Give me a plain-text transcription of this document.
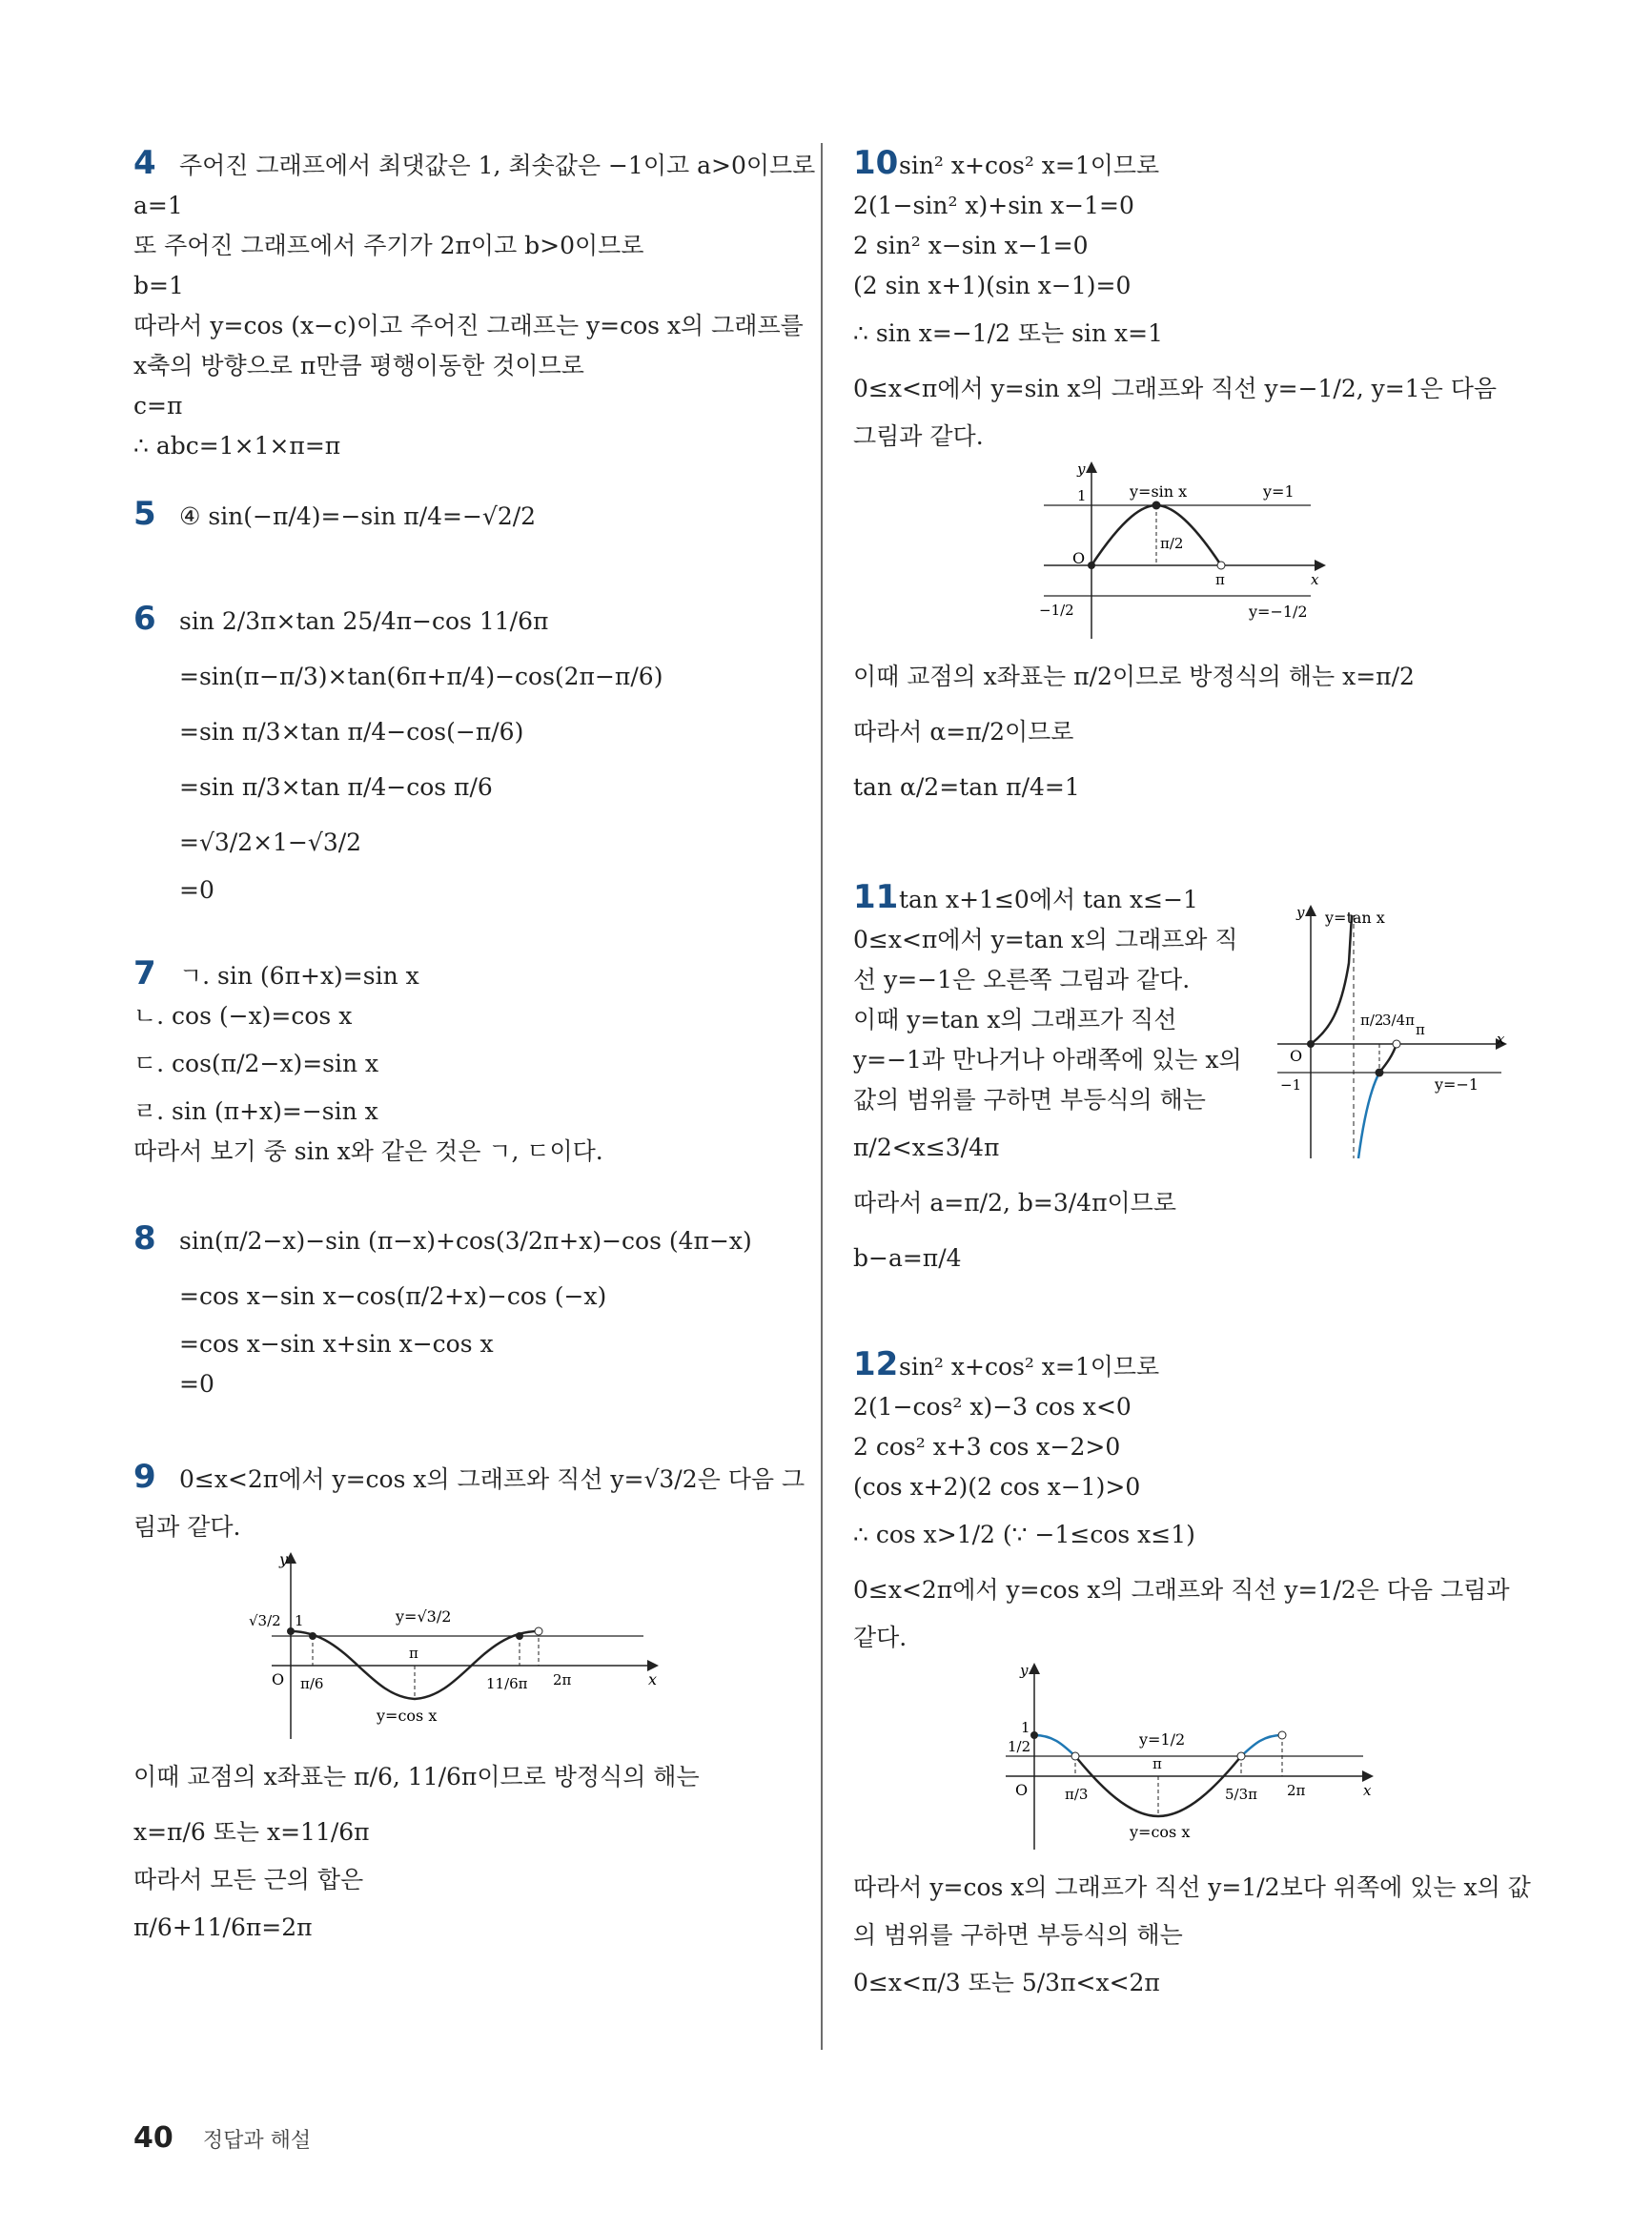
4 주어진 그래프에서 최댓값은 1, 최솟값은 −1이고 a>0이므로
a=1
또 주어진 그래프에서 주기가 2π이고 b>0이므로
b=1
따라서 y=cos (x−c)이고 주어진 그래프는 y=cos x의 그래프를
x축의 방향으로 π만큼 평행이동한 것이므로
c=π
∴ abc=1×1×π=π
5 ④ sin(−π/4)=−sin π/4=−√2/2
6 sin 2/3π×tan 25/4π−cos 11/6π
=sin(π−π/3)×tan(6π+π/4)−cos(2π−π/6)
=sin π/3×tan π/4−cos(−π/6)
=sin π/3×tan π/4−cos π/6
=√3/2×1−√3/2
=0
7 ㄱ. sin (6π+x)=sin x
ㄴ. cos (−x)=cos x
ㄷ. cos(π/2−x)=sin x
ㄹ. sin (π+x)=−sin x
따라서 보기 중 sin x와 같은 것은 ㄱ, ㄷ이다.
8 sin(π/2−x)−sin (π−x)+cos(3/2π+x)−cos (4π−x)
=cos x−sin x−cos(π/2+x)−cos (−x)
=cos x−sin x+sin x−cos x
=0
9 0≤x<2π에서 y=cos x의 그래프와 직선 y=√3/2은 다음 그
림과 같다.
y
x
O
√3/2 1
π/6
π
11/6π 2π
y=√3/2
y=cos x
이때 교점의 x좌표는 π/6, 11/6π이므로 방정식의 해는
x=π/6 또는 x=11/6π
따라서 모든 근의 합은
π/6+11/6π=2π
10sin² x+cos² x=1이므로
2(1−sin² x)+sin x−1=0
2 sin² x−sin x−1=0
(2 sin x+1)(sin x−1)=0
∴ sin x=−1/2 또는 sin x=1
0≤x<π에서 y=sin x의 그래프와 직선 y=−1/2, y=1은 다음
그림과 같다.
y
x
O
1
−1/2
π/2
π
y=sin x	y=1
y=−1/2
이때 교점의 x좌표는 π/2이므로 방정식의 해는 x=π/2
따라서 α=π/2이므로
tan α/2=tan π/4=1
11tan x+1≤0에서 tan x≤−1
0≤x<π에서 y=tan x의 그래프와 직
선 y=−1은 오른쪽 그림과 같다.
이때 y=tan x의 그래프가 직선
y=−1과 만나거나 아래쪽에 있는 x의
값의 범위를 구하면 부등식의 해는
π/2<x≤3/4π
따라서 a=π/2, b=3/4π이므로
b−a=π/4
y y=tan x
x
O
−1
π/2
3/4π
π
y=−1
12sin² x+cos² x=1이므로
2(1−cos² x)−3 cos x<0
2 cos² x+3 cos x−2>0
(cos x+2)(2 cos x−1)>0
∴ cos x>1/2 (∵ −1≤cos x≤1)
0≤x<2π에서 y=cos x의 그래프와 직선 y=1/2은 다음 그림과
같다.
y
x
O
1/2
1
π/3
π
5/3π 2π
y=1/2
y=cos x
따라서 y=cos x의 그래프가 직선 y=1/2보다 위쪽에 있는 x의 값
의 범위를 구하면 부등식의 해는
0≤x<π/3 또는 5/3π<x<2π
40 정답과 해설
